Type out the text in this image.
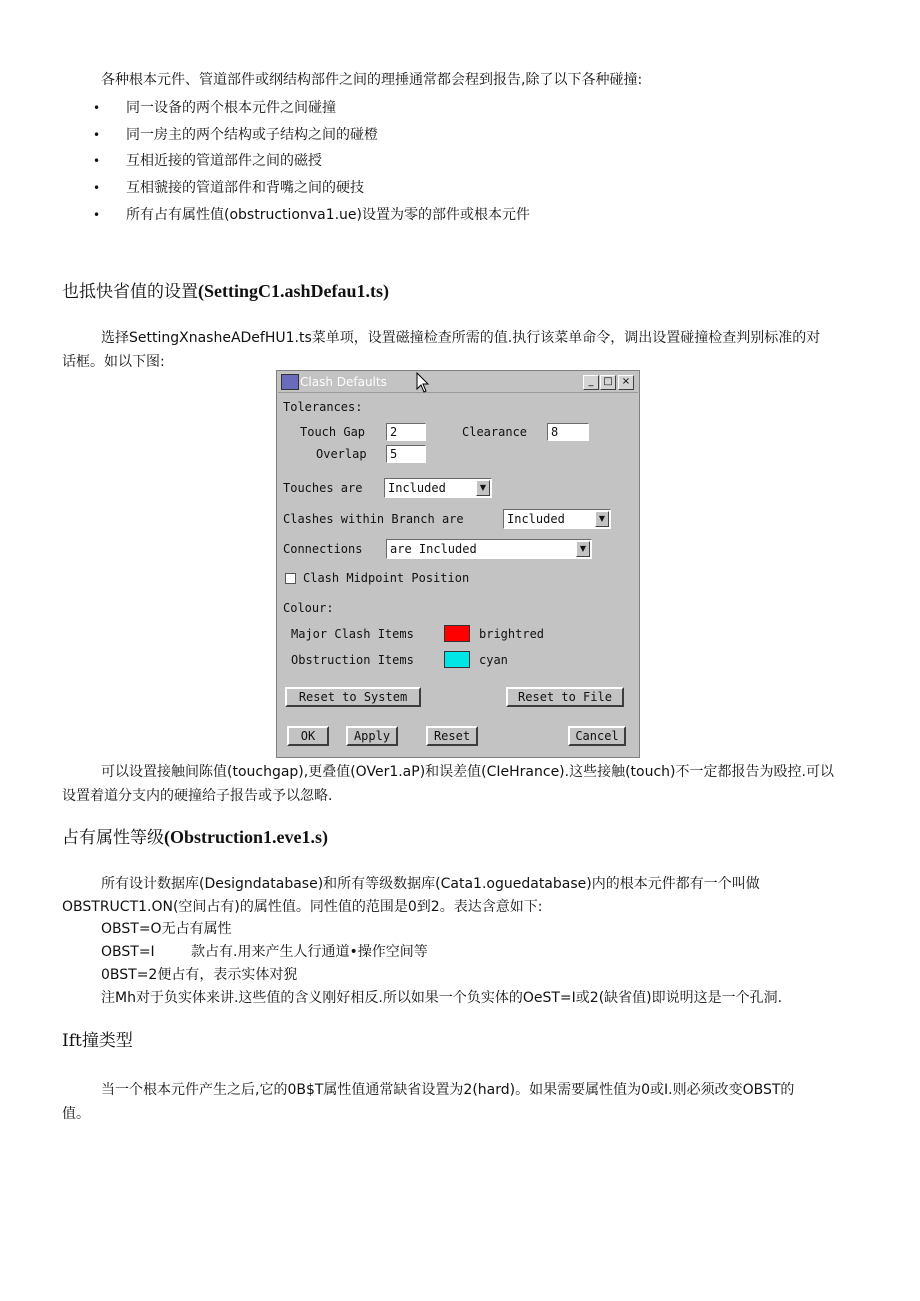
各种根本元件、管道部件或纲结构部件之间的理捶通常都会程到报告,除了以下各种碰撞:
• 同一设备的两个根本元件之间碰撞
• 同一房主的两个结构或子结构之间的碰橙
• 互相近接的管道部件之间的磁授
• 互相虢接的管道部件和背嘴之间的硬技
• 所有占有属性值(obstructionva1.ue)设置为零的部件或根本元件
也抵快省值的设置(SettingC1.ashDefau1.ts)
选择SettingXnasheADefHU1.ts菜单项，设置磁撞检查所需的值.执行该菜单命令，调出设置碰撞检查判别标准的对
话框。如以下图:
Clash Defaults	_ □ ×
Tolerances:
Touch Gap	2	Clearance	8
Overlap	5
Touches are	Included	▼
Clashes within Branch are	Included	▼
Connections	are Included	▼
Clash Midpoint Position
Colour:
Major Clash Items	brightred
Obstruction Items	cyan
Reset to System	Reset to File
OK	Apply	Reset	Cancel
可以设置接触间陈值(touchgap),更叠值(OVer1.aP)和误差值(CIeHrance).这些接触(touch)不一定都报告为殴控.可以
设置着道分支内的硬撞给子报告或予以忽略.
占有属性等级(Obstruction1.eve1.s)
所有设计数据库(Designdatabase)和所有等级数据库(Cata1.oguedatabase)内的根本元件都有一个叫做
OBSTRUCT1.ON(空间占有)的属性值。同性值的范围是0到2。表达含意如下:
OBST=O无占有属性
OBST=I	款占有.用来产生人行通道•操作空间等
0BST=2便占有，表示实体对猊
注Mh对于负实体来讲.这些值的含义刚好相反.所以如果一个负实体的OeST=I或2(缺省值)即说明这是一个孔洞.
Ift撞类型
当一个根本元件产生之后,它的0B$T属性值通常缺省设置为2(hard)。如果需要属性值为0或I.则必须改变OBST的
值。
